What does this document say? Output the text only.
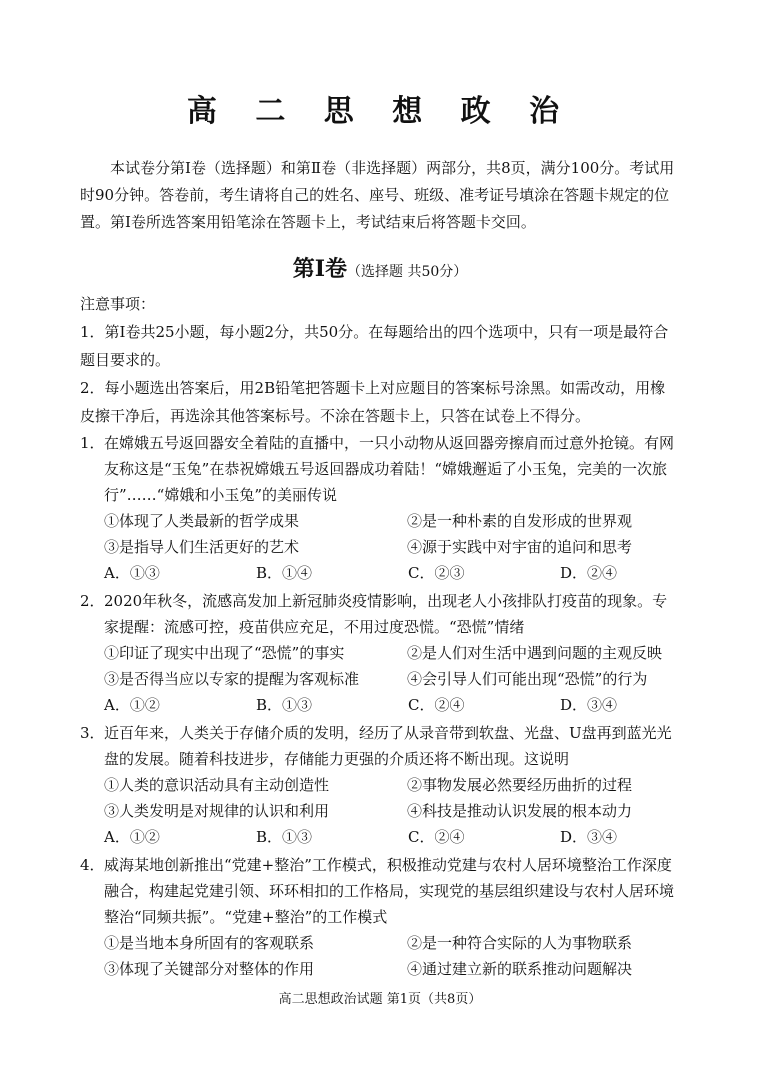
高 二 思 想 政 治

本试卷分第Ⅰ卷（选择题）和第Ⅱ卷（非选择题）两部分，共8页，满分100分。考试用时90分钟。答卷前，考生请将自己的姓名、座号、班级、准考证号填涂在答题卡规定的位置。第Ⅰ卷所选答案用铅笔涂在答题卡上，考试结束后将答题卡交回。

第Ⅰ卷（选择题 共50分）

注意事项：

1．第Ⅰ卷共25小题，每小题2分，共50分。在每题给出的四个选项中，只有一项是最符合题目要求的。

2．每小题选出答案后，用2B铅笔把答题卡上对应题目的答案标号涂黑。如需改动，用橡皮擦干净后，再选涂其他答案标号。不涂在答题卡上，只答在试卷上不得分。

1． 在嫦娥五号返回器安全着陆的直播中，一只小动物从返回器旁擦肩而过意外抢镜。有网友称这是“玉兔”在恭祝嫦娥五号返回器成功着陆！“嫦娥邂逅了小玉兔，完美的一次旅行”……“嫦娥和小玉兔”的美丽传说
①体现了人类最新的哲学成果	②是一种朴素的自发形成的世界观
③是指导人们生活更好的艺术	④源于实践中对宇宙的追问和思考
A．①③	B．①④	C．②③	D．②④
2． 2020年秋冬，流感高发加上新冠肺炎疫情影响，出现老人小孩排队打疫苗的现象。专家提醒：流感可控，疫苗供应充足，不用过度恐慌。“恐慌”情绪
①印证了现实中出现了“恐慌”的事实	②是人们对生活中遇到问题的主观反映
③是否得当应以专家的提醒为客观标准	④会引导人们可能出现“恐慌”的行为
A．①②	B．①③	C．②④	D．③④
3． 近百年来，人类关于存储介质的发明，经历了从录音带到软盘、光盘、U盘再到蓝光光盘的发展。随着科技进步，存储能力更强的介质还将不断出现。这说明
①人类的意识活动具有主动创造性	②事物发展必然要经历曲折的过程
③人类发明是对规律的认识和利用	④科技是推动认识发展的根本动力
A．①②	B．①③	C．②④	D．③④
4． 威海某地创新推出“党建+整治”工作模式，积极推动党建与农村人居环境整治工作深度融合，构建起党建引领、环环相扣的工作格局，实现党的基层组织建设与农村人居环境整治“同频共振”。“党建+整治”的工作模式
①是当地本身所固有的客观联系	②是一种符合实际的人为事物联系
③体现了关键部分对整体的作用	④通过建立新的联系推动问题解决
高二思想政治试题 第1页（共8页）
